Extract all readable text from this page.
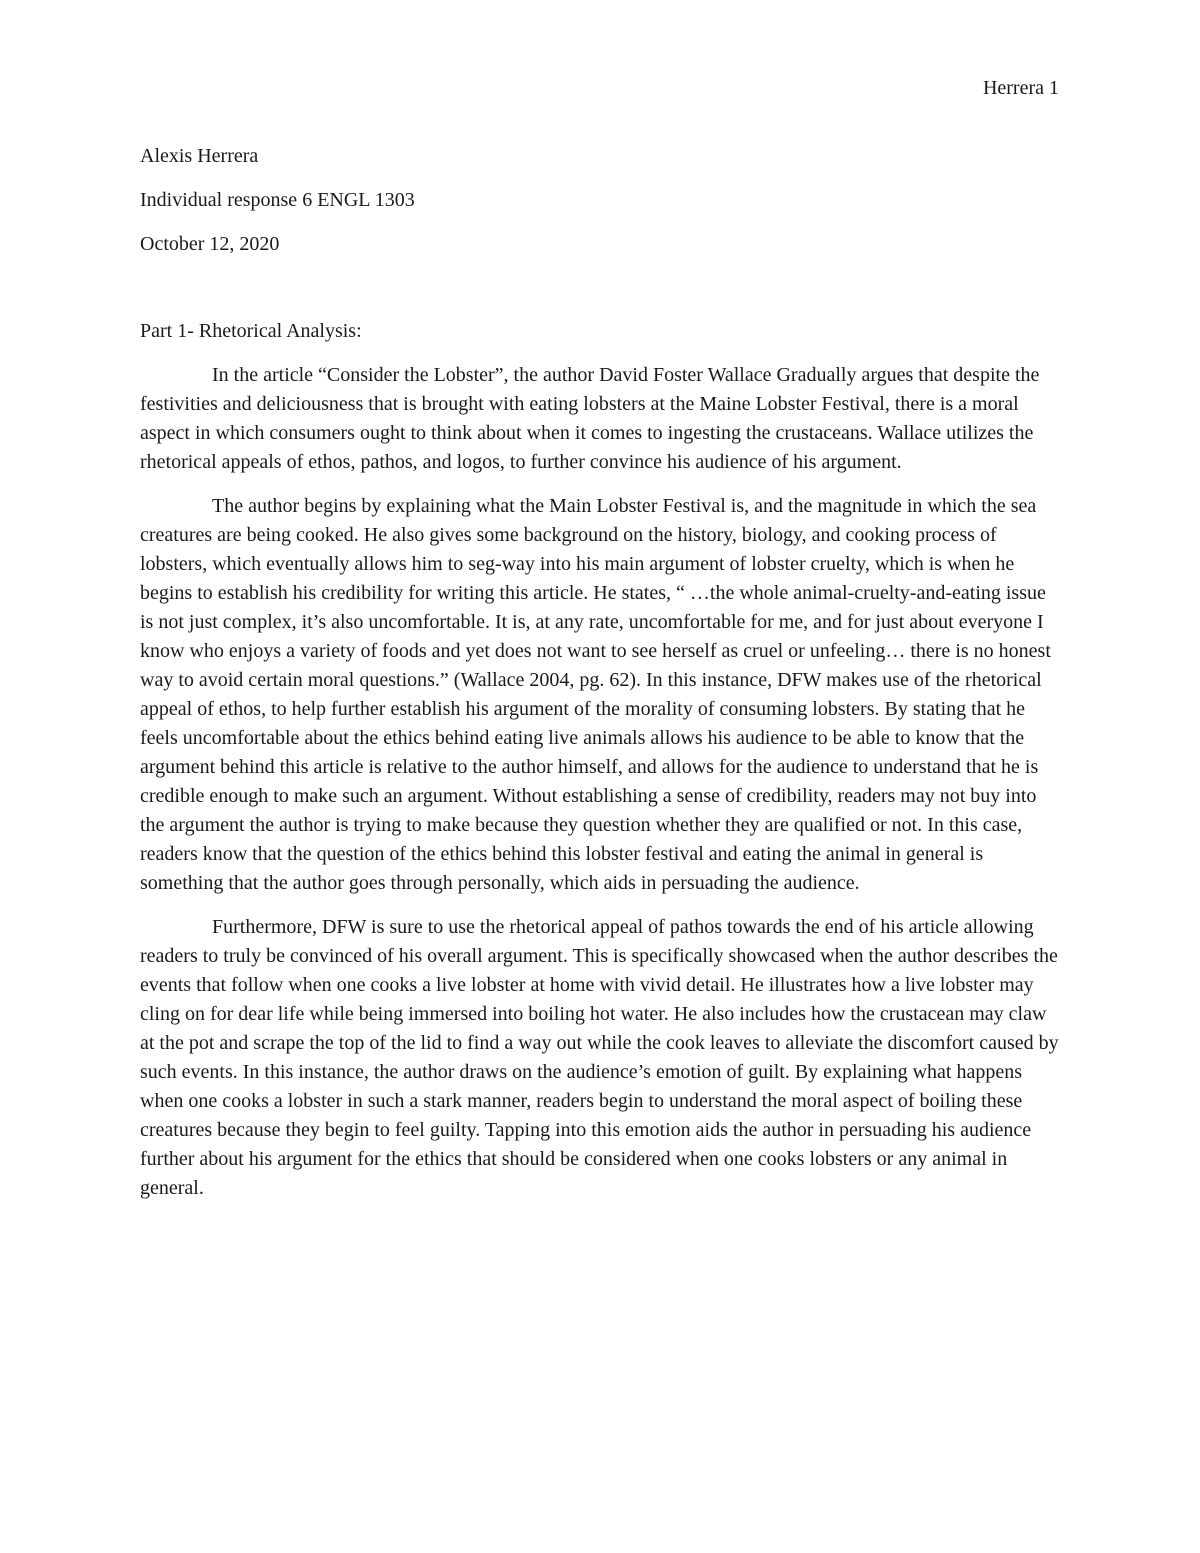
Herrera 1

Alexis Herrera

Individual response 6 ENGL 1303

October 12, 2020

Part 1- Rhetorical Analysis:

In the article “Consider the Lobster”, the author David Foster Wallace Gradually argues that despite the festivities and deliciousness that is brought with eating lobsters at the Maine Lobster Festival, there is a moral aspect in which consumers ought to think about when it comes to ingesting the crustaceans. Wallace utilizes the rhetorical appeals of ethos, pathos, and logos, to further convince his audience of his argument.

The author begins by explaining what the Main Lobster Festival is, and the magnitude in which the sea creatures are being cooked. He also gives some background on the history, biology, and cooking process of lobsters, which eventually allows him to seg-way into his main argument of lobster cruelty, which is when he begins to establish his credibility for writing this article. He states, “ …the whole animal-cruelty-and-eating issue is not just complex, it’s also uncomfortable. It is, at any rate, uncomfortable for me, and for just about everyone I know who enjoys a variety of foods and yet does not want to see herself as cruel or unfeeling… there is no honest way to avoid certain moral questions.” (Wallace 2004, pg. 62). In this instance, DFW makes use of the rhetorical appeal of ethos, to help further establish his argument of the morality of consuming lobsters. By stating that he feels uncomfortable about the ethics behind eating live animals allows his audience to be able to know that the argument behind this article is relative to the author himself, and allows for the audience to understand that he is credible enough to make such an argument. Without establishing a sense of credibility, readers may not buy into the argument the author is trying to make because they question whether they are qualified or not. In this case, readers know that the question of the ethics behind this lobster festival and eating the animal in general is something that the author goes through personally, which aids in persuading the audience.

Furthermore, DFW is sure to use the rhetorical appeal of pathos towards the end of his article allowing readers to truly be convinced of his overall argument. This is specifically showcased when the author describes the events that follow when one cooks a live lobster at home with vivid detail. He illustrates how a live lobster may cling on for dear life while being immersed into boiling hot water. He also includes how the crustacean may claw at the pot and scrape the top of the lid to find a way out while the cook leaves to alleviate the discomfort caused by such events. In this instance, the author draws on the audience’s emotion of guilt. By explaining what happens when one cooks a lobster in such a stark manner, readers begin to understand the moral aspect of boiling these creatures because they begin to feel guilty. Tapping into this emotion aids the author in persuading his audience further about his argument for the ethics that should be considered when one cooks lobsters or any animal in general.
